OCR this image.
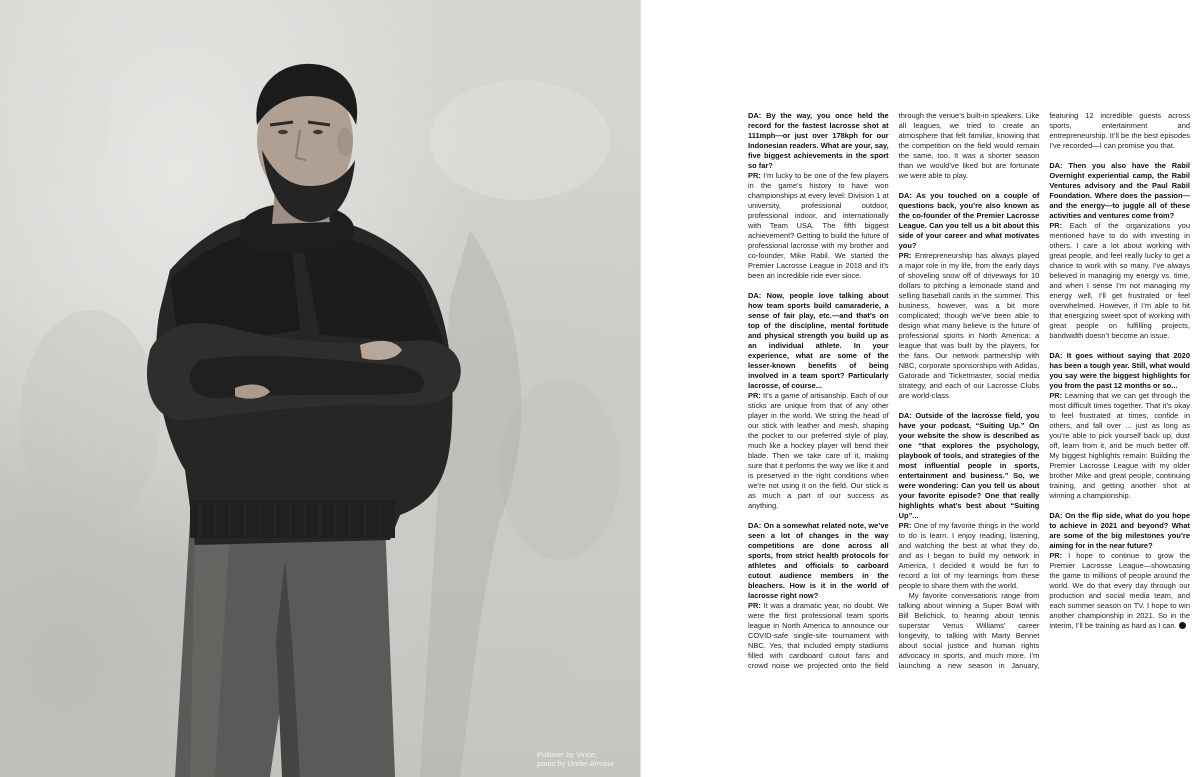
Pullover by Vince;
pants by Under Armour

DA: By the way, you once held the record for the fastest lacrosse shot at 111mph—or just over 178kph for our Indonesian readers. What are your, say, five biggest achievements in the sport so far?

PR: I’m lucky to be one of the few players in the game’s history to have won championships at every level: Division 1 at university, professional outdoor, professional indoor, and internationally with Team USA. The fifth biggest achievement? Getting to build the future of professional lacrosse with my brother and co-founder, Mike Rabil. We started the Premier Lacrosse League in 2018 and it’s been an incredible ride ever since.

DA: Now, people love talking about how team sports build camaraderie, a sense of fair play, etc.—and that’s on top of the discipline, mental fortitude and physical strength you build up as an individual athlete. In your experience, what are some of the lesser-known benefits of being involved in a team sport? Particularly lacrosse, of course...

PR: It’s a game of artisanship. Each of our sticks are unique from that of any other player in the world. We string the head of our stick with leather and mesh, shaping the pocket to our preferred style of play, much like a hockey player will bend their blade. Then we take care of it, making sure that it performs the way we like it and is preserved in the right conditions when we’re not using it on the field. Our stick is as much a part of our success as anything.

DA: On a somewhat related note, we’ve seen a lot of changes in the way competitions are done across all sports, from strict health protocols for athletes and officials to carboard cutout audience members in the bleachers. How is it in the world of lacrosse right now?

PR: It was a dramatic year, no doubt. We were the first professional team sports league in North America to announce our COVID-safe single-site tournament with NBC. Yes, that included empty stadiums filled with cardboard cutout fans and crowd noise we projected onto the field through the venue’s built-in speakers. Like all leagues, we tried to create an atmosphere that felt familiar, knowing that the competition on the field would remain the same, too. It was a shorter season than we would’ve liked but are fortunate we were able to play.

DA: As you touched on a couple of questions back, you’re also known as the co-founder of the Premier Lacrosse League. Can you tell us a bit about this side of your career and what motivates you?

PR: Entrepreneurship has always played a major role in my life, from the early days of shoveling snow off of driveways for 10 dollars to pitching a lemonade stand and selling baseball cards in the summer. This business, however, was a bit more complicated; though we’ve been able to design what many believe is the future of professional sports in North America: a league that was built by the players, for the fans. Our network partnership with NBC, corporate sponsorships with Adidas, Gatorade and Ticketmaster, social media strategy, and each of our Lacrosse Clubs are world-class.

DA: Outside of the lacrosse field, you have your podcast, “Suiting Up.” On your website the show is described as one “that explores the psychology, playbook of tools, and strategies of the most influential people in sports, entertainment and business.” So, we were wondering: Can you tell us about your favorite episode? One that really highlights what’s best about “Suiting Up”...

PR: One of my favorite things in the world to do is learn. I enjoy reading, listening, and watching the best at what they do, and as I began to build my network in America, I decided it would be fun to record a lot of my learnings from these people to share them with the world.

My favorite conversations range from talking about winning a Super Bowl with Bill Belichick, to hearing about tennis superstar Venus Williams’ career longevity, to talking with Marty Bennet about social justice and human rights advocacy in sports, and much more. I’m launching a new season in January, featuring 12 incredible guests across sports, entertainment and entrepreneurship. It’ll be the best episodes I’ve recorded—I can promise you that.

DA: Then you also have the Rabil Overnight experiential camp, the Rabil Ventures advisory and the Paul Rabil Foundation. Where does the passion—and the energy—to juggle all of these activities and ventures come from?

PR: Each of the organizations you mentioned have to do with investing in others. I care a lot about working with great people, and feel really lucky to get a chance to work with so many. I’ve always believed in managing my energy vs. time, and when I sense I’m not managing my energy well, I’ll get frustrated or feel overwhelmed. However, if I’m able to hit that energizing sweet spot of working with great people on fulfilling projects, bandwidth doesn’t become an issue.

DA: It goes without saying that 2020 has been a tough year. Still, what would you say were the biggest highlights for you from the past 12 months or so...

PR: Learning that we can get through the most difficult times together. That it’s okay to feel frustrated at times, confide in others, and fall over ... just as long as you’re able to pick yourself back up, dust off, learn from it, and be much better off. My biggest highlights remain: Building the Premier Lacrosse League with my older brother Mike and great people, continuing training, and getting another shot at winning a championship.

DA: On the flip side, what do you hope to achieve in 2021 and beyond? What are some of the big milestones you’re aiming for in the near future?

PR: I hope to continue to grow the Premier Lacrosse League—showcasing the game to millions of people around the world. We do that every day through our production and social media team, and each summer season on TV. I hope to win another championship in 2021. So in the interim, I’ll be training as hard as I can.
